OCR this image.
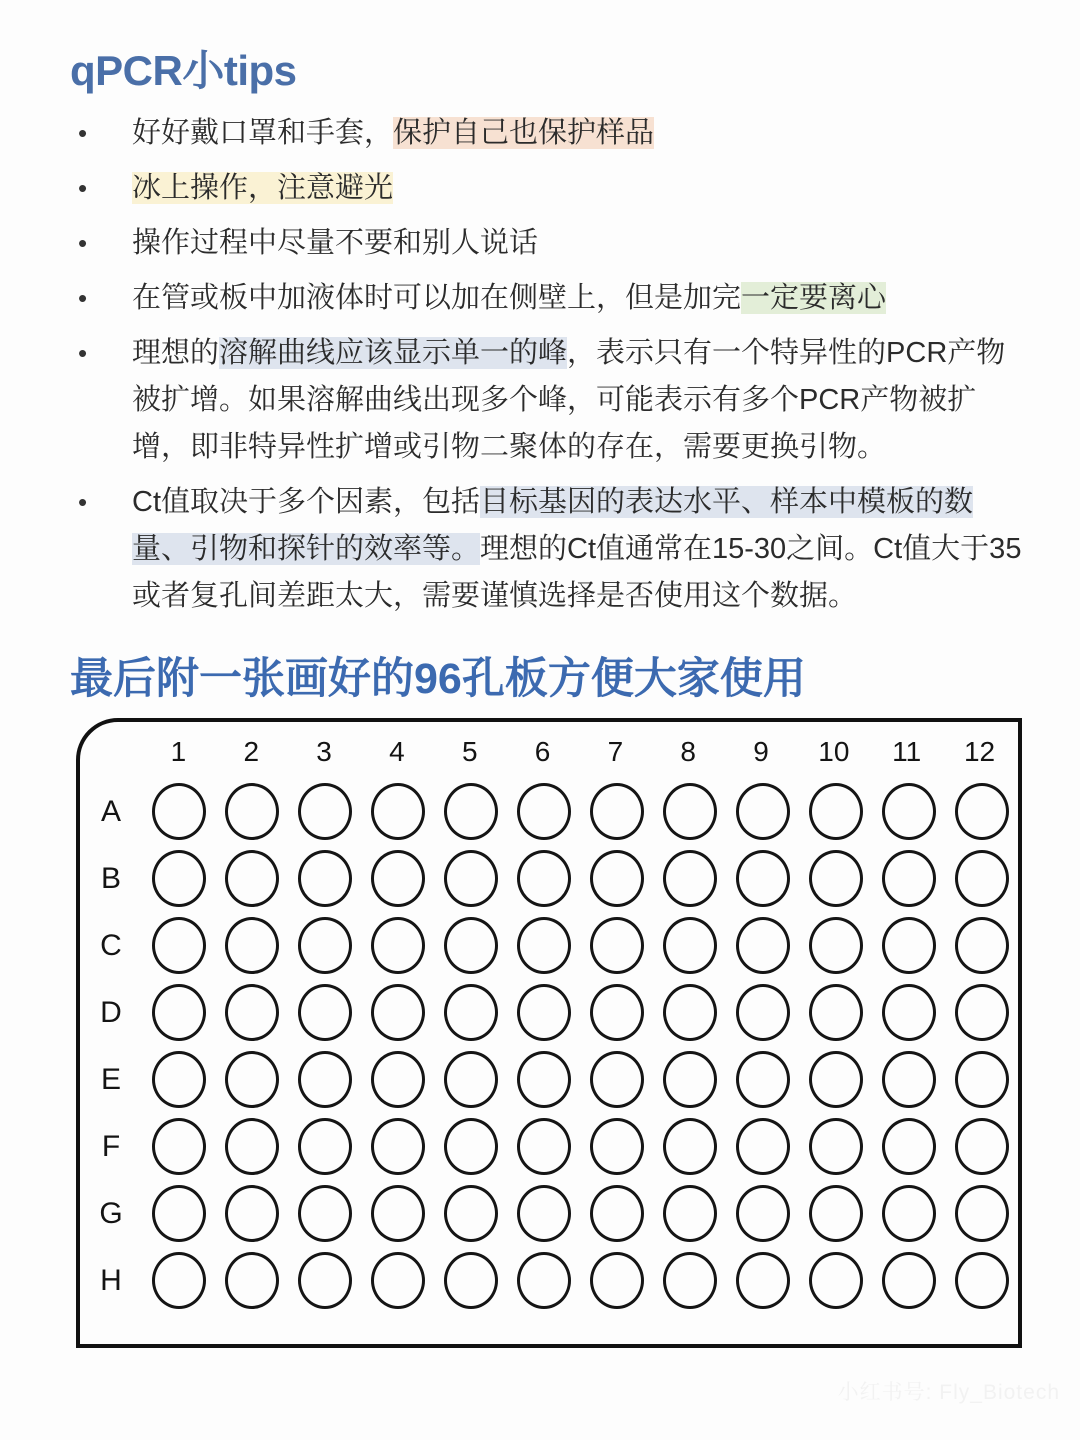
qPCR小tips
•	好好戴口罩和手套，保护自己也保护样品
•	冰上操作，注意避光
•	操作过程中尽量不要和别人说话
•	在管或板中加液体时可以加在侧壁上，但是加完一定要离心
•	理想的溶解曲线应该显示单一的峰，表示只有一个特异性的PCR产物被扩增。如果溶解曲线出现多个峰，可能表示有多个PCR产物被扩增，即非特异性扩增或引物二聚体的存在，需要更换引物。
•	Ct值取决于多个因素，包括目标基因的表达水平、样本中模板的数量、引物和探针的效率等。理想的Ct值通常在15-30之间。Ct值大于35或者复孔间差距太大，需要谨慎选择是否使用这个数据。
最后附一张画好的96孔板方便大家使用
1	2	3	4	5	6	7	8	9	10	11	12
A
B
C
D
E
F
G
H
小红书号: Fly_Biotech
